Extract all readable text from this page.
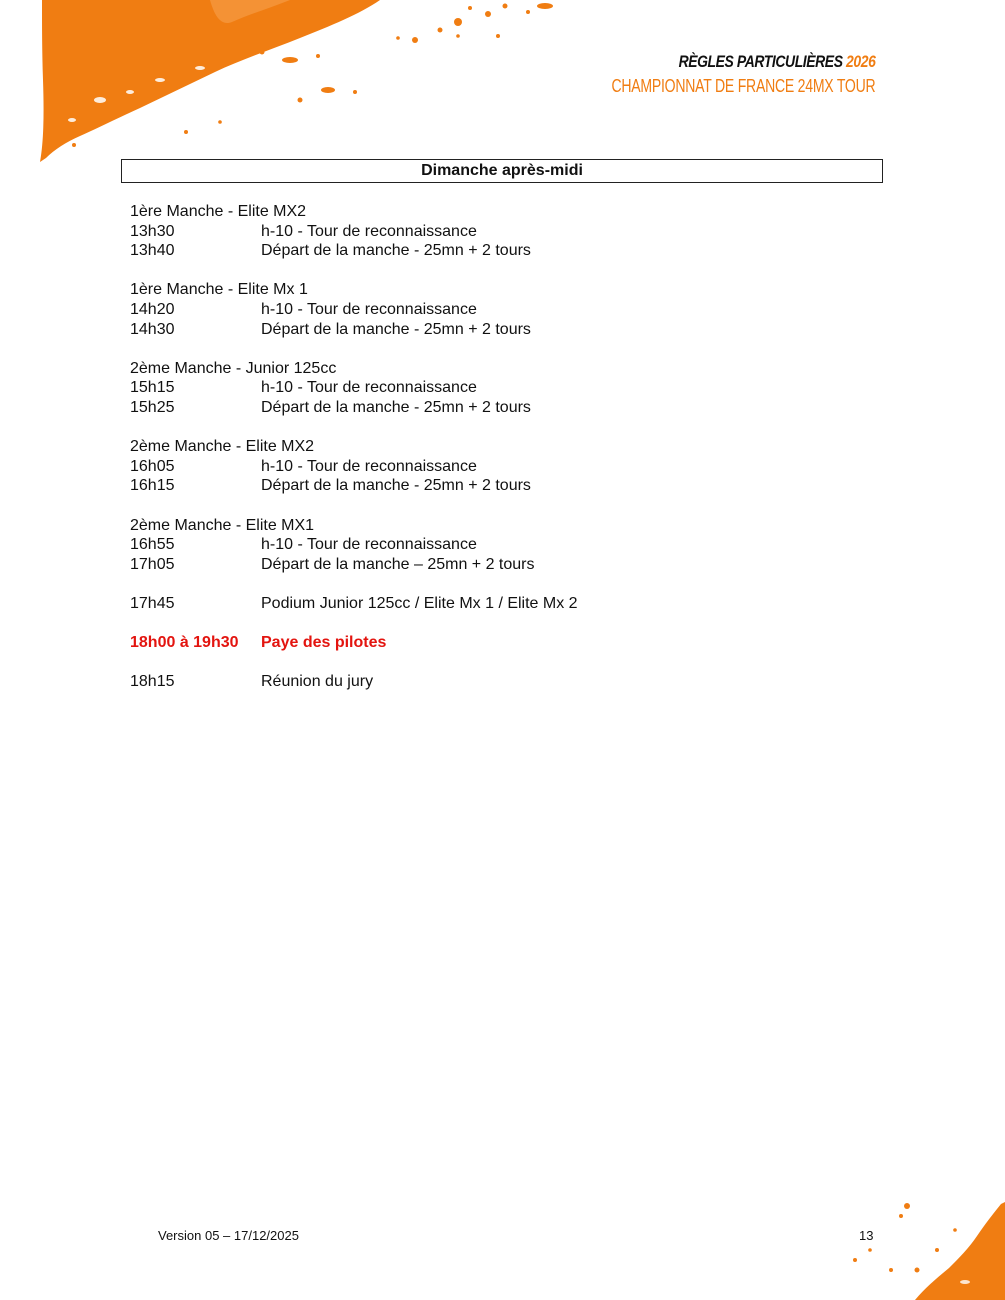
RÈGLES PARTICULIÈRES 2026
CHAMPIONNAT DE FRANCE 24MX TOUR
Dimanche après-midi
1ère Manche - Elite MX2
13h30	h-10 - Tour de reconnaissance
13h40	Départ de la manche - 25mn + 2 tours
1ère Manche - Elite Mx 1
14h20	h-10 - Tour de reconnaissance
14h30	Départ de la manche - 25mn + 2 tours
2ème Manche - Junior 125cc
15h15	h-10 - Tour de reconnaissance
15h25	Départ de la manche - 25mn + 2 tours
2ème Manche - Elite MX2
16h05	h-10 - Tour de reconnaissance
16h15	Départ de la manche - 25mn + 2 tours
2ème Manche - Elite MX1
16h55	h-10 - Tour de reconnaissance
17h05	Départ de la manche – 25mn + 2 tours
17h45	Podium Junior 125cc / Elite Mx 1 / Elite Mx 2
18h00 à 19h30	Paye des pilotes
18h15	Réunion du jury
Version 05 – 17/12/2025	13
